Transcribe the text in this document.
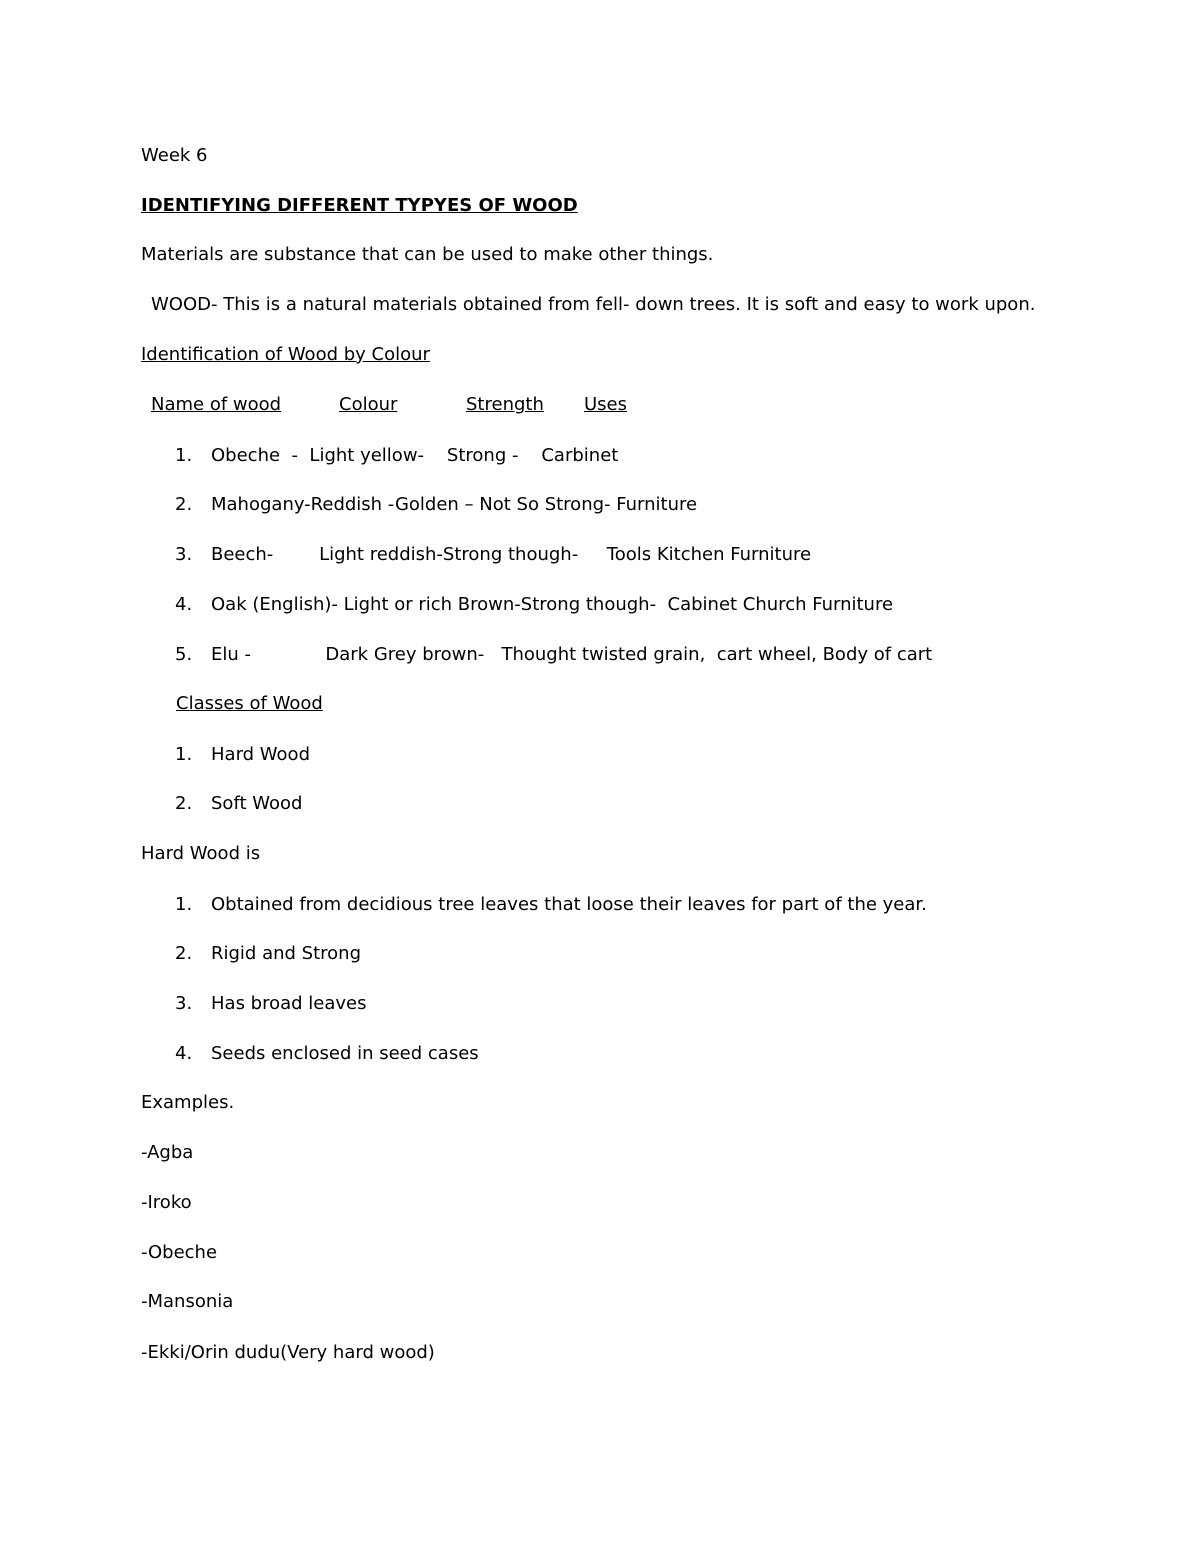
Week 6
IDENTIFYING DIFFERENT TYPYES OF WOOD
Materials are substance that can be used to make other things.
WOOD- This is a natural materials obtained from fell- down trees. It is soft and easy to work upon.
Identification of Wood by Colour
Name of wood	Colour	Strength	Uses
1.	Obeche  -  Light yellow-    Strong -    Carbinet
2.	Mahogany-Reddish -Golden – Not So Strong- Furniture
3.	Beech-        Light reddish-Strong though-     Tools Kitchen Furniture
4.	Oak (English)- Light or rich Brown-Strong though-  Cabinet Church Furniture
5.	Elu -             Dark Grey brown-   Thought twisted grain,  cart wheel, Body of cart
Classes of Wood
1.	Hard Wood
2.	Soft Wood
Hard Wood is
1.	Obtained from decidious tree leaves that loose their leaves for part of the year.
2.	Rigid and Strong
3.	Has broad leaves
4.	Seeds enclosed in seed cases
Examples.
-Agba
-Iroko
-Obeche
-Mansonia
-Ekki/Orin dudu(Very hard wood)
